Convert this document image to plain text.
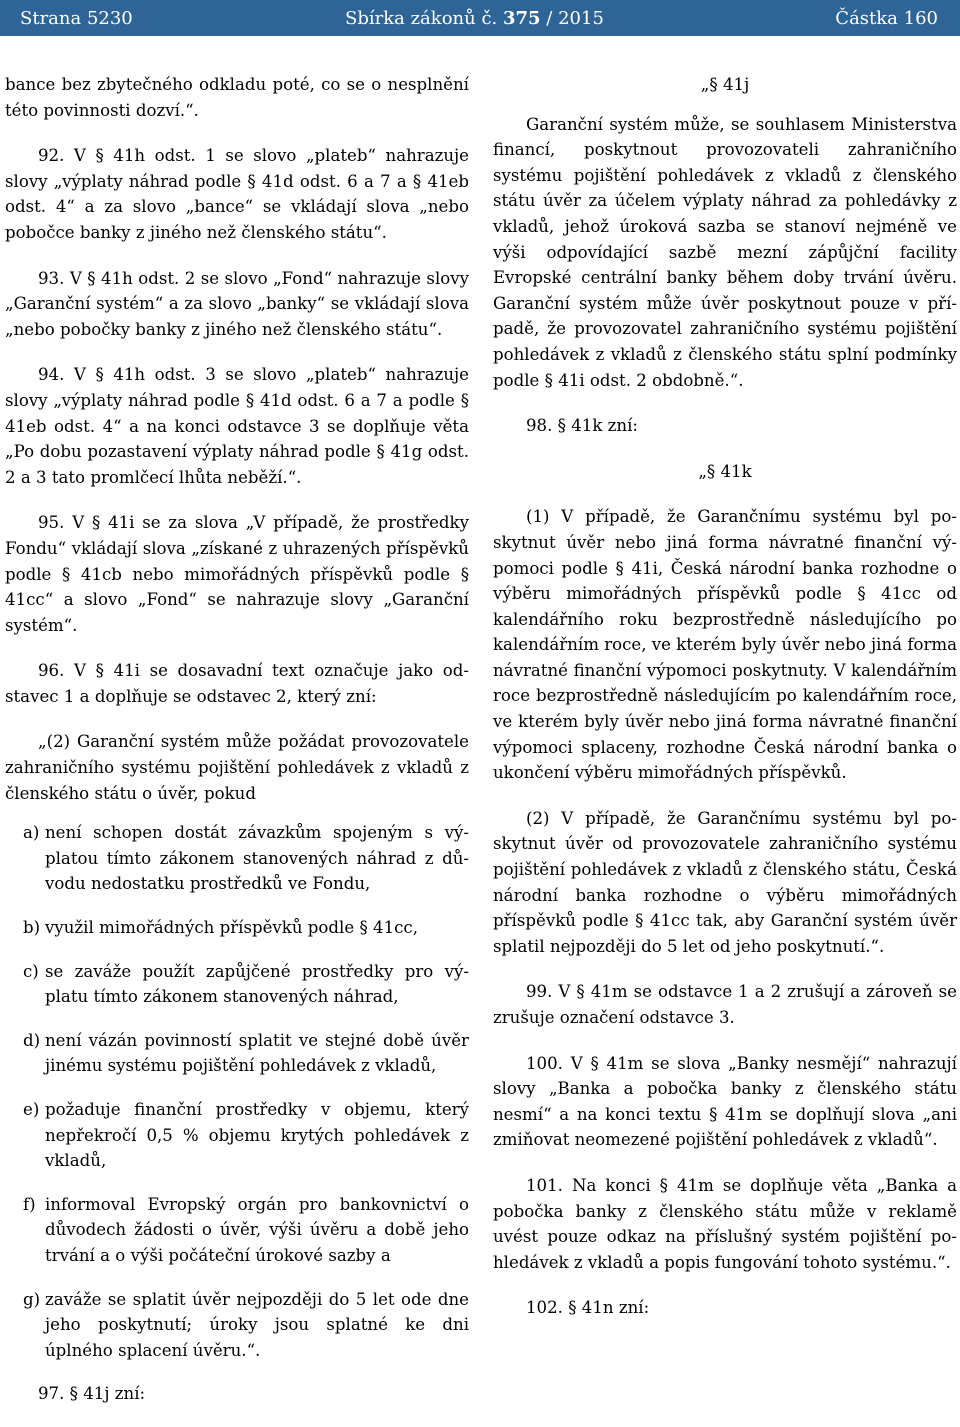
Strana 5230	Sbírka zákonů č. 375 / 2015	Částka 160

bance bez zbytečného odkladu poté, co se o nesplnění této povinnosti dozví.“.

92. V § 41h odst. 1 se slovo „plateb“ nahrazuje slovy „výplaty náhrad podle § 41d odst. 6 a 7 a § 41eb odst. 4“ a za slovo „bance“ se vkládají slova „nebo pobočce banky z jiného než členského státu“.

93. V § 41h odst. 2 se slovo „Fond“ nahrazuje slovy „Garanční systém“ a za slovo „banky“ se vkládají slova „nebo pobočky banky z jiného než členského státu“.

94. V § 41h odst. 3 se slovo „plateb“ nahrazuje slovy „výplaty náhrad podle § 41d odst. 6 a 7 a podle § 41eb odst. 4“ a na konci odstavce 3 se doplňuje věta „Po dobu pozastavení výplaty náhrad podle § 41g odst. 2 a 3 tato promlčecí lhůta neběží.“.

95. V § 41i se za slova „V případě, že prostředky Fondu“ vkládají slova „získané z uhrazených příspěvků podle § 41cb nebo mimořádných příspěvků podle § 41cc“ a slovo „Fond“ se nahrazuje slovy „Garanční systém“.

96. V § 41i se dosavadní text označuje jako odstavec 1 a doplňuje se odstavec 2, který zní:

„(2) Garanční systém může požádat provozovatele zahraničního systému pojištění pohledávek z vkladů z členského státu o úvěr, pokud

a) není schopen dostát závazkům spojeným s výplatou tímto zákonem stanovených náhrad z důvodu nedostatku prostředků ve Fondu,
b) využil mimořádných příspěvků podle § 41cc,
c) se zaváže použít zapůjčené prostředky pro výplatu tímto zákonem stanovených náhrad,
d) není vázán povinností splatit ve stejné době úvěr jinému systému pojištění pohledávek z vkladů,
e) požaduje finanční prostředky v objemu, který nepřekročí 0,5 % objemu krytých pohledávek z vkladů,
f) informoval Evropský orgán pro bankovnictví o důvodech žádosti o úvěr, výši úvěru a době jeho trvání a o výši počáteční úrokové sazby a
g) zaváže se splatit úvěr nejpozději do 5 let ode dne jeho poskytnutí; úroky jsou splatné ke dni úplného splacení úvěru.“.

97. § 41j zní:

„§ 41j

Garanční systém může, se souhlasem Ministerstva financí, poskytnout provozovateli zahraničního systému pojištění pohledávek z vkladů z členského státu úvěr za účelem výplaty náhrad za pohledávky z vkladů, jehož úroková sazba se stanoví nejméně ve výši odpovídající sazbě mezní zápůjční facility Evropské centrální banky během doby trvání úvěru. Garanční systém může úvěr poskytnout pouze v případě, že provozovatel zahraničního systému pojištění pohledávek z vkladů z členského státu splní podmínky podle § 41i odst. 2 obdobně.“.

98. § 41k zní:

„§ 41k

(1) V případě, že Garančnímu systému byl poskytnut úvěr nebo jiná forma návratné finanční výpomoci podle § 41i, Česká národní banka rozhodne o výběru mimořádných příspěvků podle § 41cc od kalendářního roku bezprostředně následujícího po kalendářním roce, ve kterém byly úvěr nebo jiná forma návratné finanční výpomoci poskytnuty. V kalendářním roce bezprostředně následujícím po kalendářním roce, ve kterém byly úvěr nebo jiná forma návratné finanční výpomoci splaceny, rozhodne Česká národní banka o ukončení výběru mimořádných příspěvků.

(2) V případě, že Garančnímu systému byl poskytnut úvěr od provozovatele zahraničního systému pojištění pohledávek z vkladů z členského státu, Česká národní banka rozhodne o výběru mimořádných příspěvků podle § 41cc tak, aby Garanční systém úvěr splatil nejpozději do 5 let od jeho poskytnutí.“.

99. V § 41m se odstavce 1 a 2 zrušují a zároveň se zrušuje označení odstavce 3.

100. V § 41m se slova „Banky nesmějí“ nahrazují slovy „Banka a pobočka banky z členského státu nesmí“ a na konci textu § 41m se doplňují slova „ani zmiňovat neomezené pojištění pohledávek z vkladů“.

101. Na konci § 41m se doplňuje věta „Banka a pobočka banky z členského státu může v reklamě uvést pouze odkaz na příslušný systém pojištění pohledávek z vkladů a popis fungování tohoto systému.“.

102. § 41n zní:
